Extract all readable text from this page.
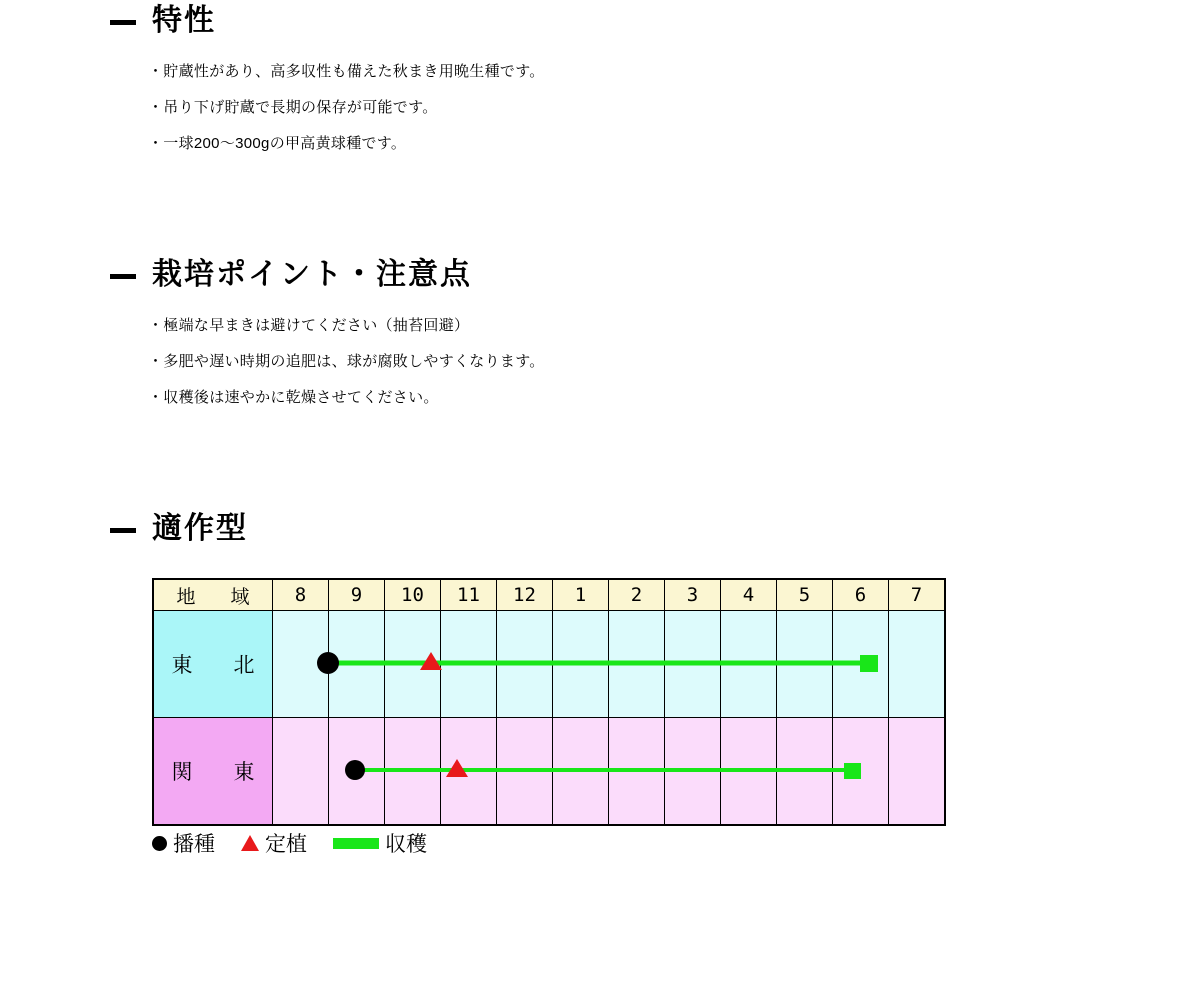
特性
・貯蔵性があり、高多収性も備えた秋まき用晩生種です。
・吊り下げ貯蔵で長期の保存が可能です。
・一球200〜300gの甲高黄球種です。
栽培ポイント・注意点
・極端な早まきは避けてください（抽苔回避）
・多肥や遅い時期の追肥は、球が腐敗しやすくなります。
・収穫後は速やかに乾燥させてください。
適作型
地　域	8	9	10	11	12	1	2	3	4	5	6	7
東　北												
関　東												
播種 定植	収穫
